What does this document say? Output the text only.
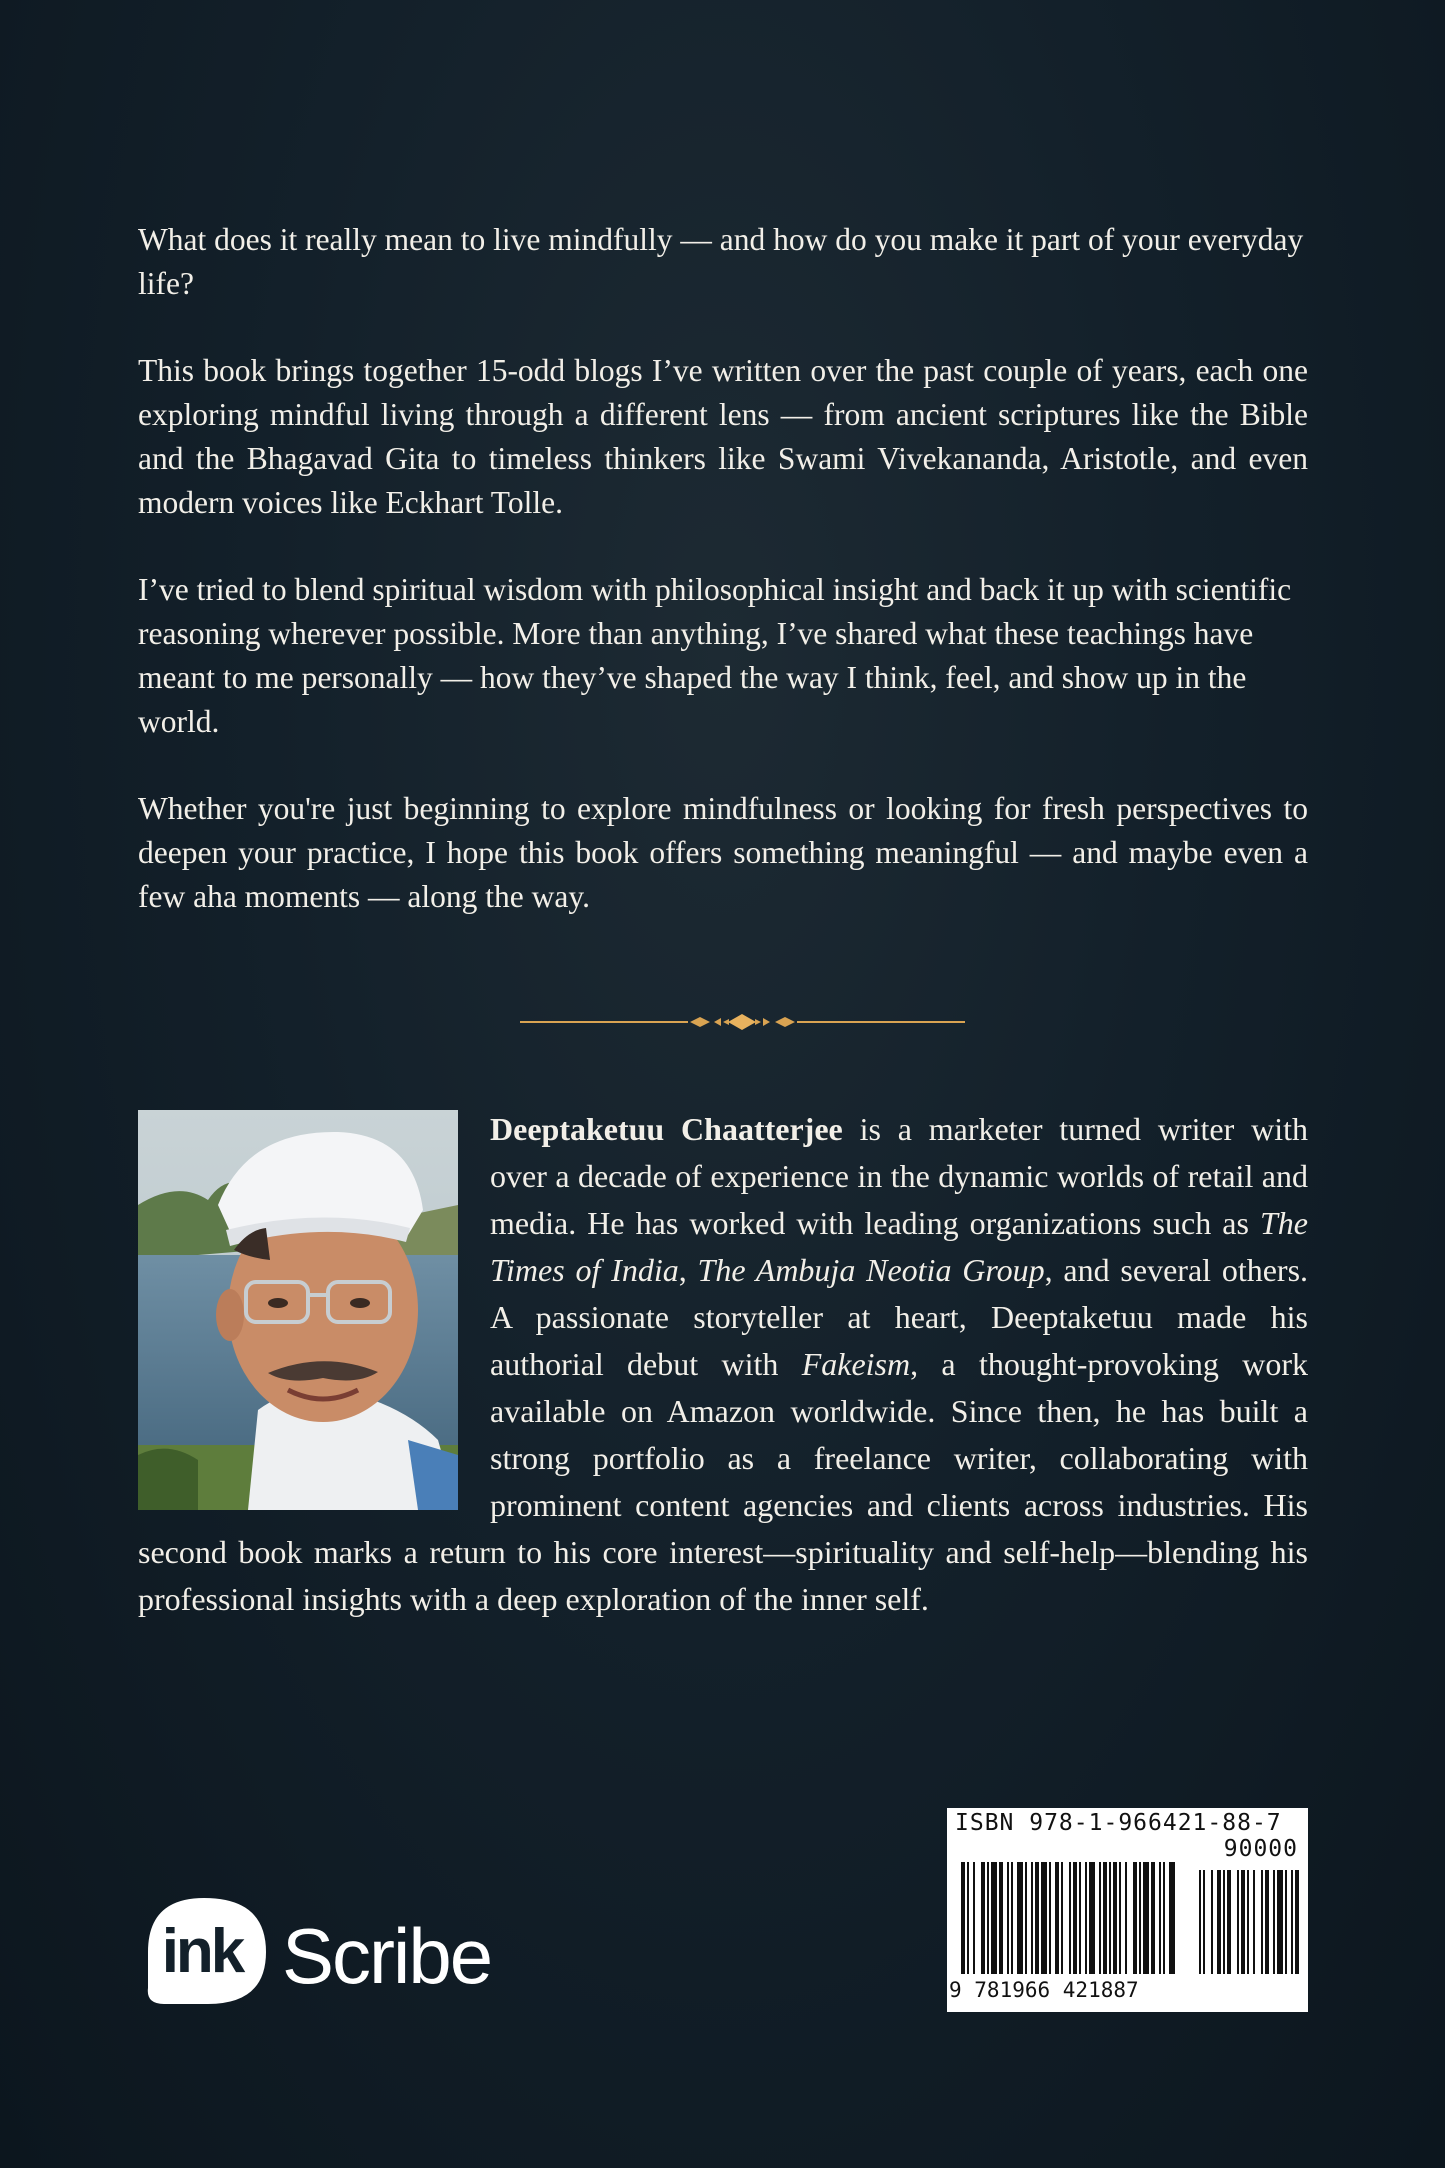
What does it really mean to live mindfully — and how do you make it part of your everyday life?

This book brings together 15-odd blogs I’ve written over the past couple of years, each one exploring mindful living through a different lens — from ancient scriptures like the Bible and the Bhagavad Gita to timeless thinkers like Swami Vivekananda, Aristotle, and even modern voices like Eckhart Tolle.

I’ve tried to blend spiritual wisdom with philosophical insight and back it up with scientific reasoning wherever possible. More than anything, I’ve shared what these teachings have meant to me personally — how they’ve shaped the way I think, feel, and show up in the world.

Whether you're just beginning to explore mindfulness or looking for fresh perspectives to deepen your practice, I hope this book offers something meaningful — and maybe even a few aha moments — along the way.

Deeptaketuu Chaatterjee is a marketer turned writer with over a decade of experience in the dynamic worlds of retail and media. He has worked with leading organizations such as The Times of India, The Ambuja Neotia Group, and several others. A passionate storyteller at heart, Deeptaketuu made his authorial debut with Fakeism, a thought-provoking work available on Amazon worldwide. Since then, he has built a strong portfolio as a freelance writer, collaborating with prominent content agencies and clients across industries. His second book marks a return to his core interest—spirituality and self-help—blending his professional insights with a deep exploration of the inner self.
ink Scribe
ISBN 978-1-966421-88-7
90000
9 781966 421887
